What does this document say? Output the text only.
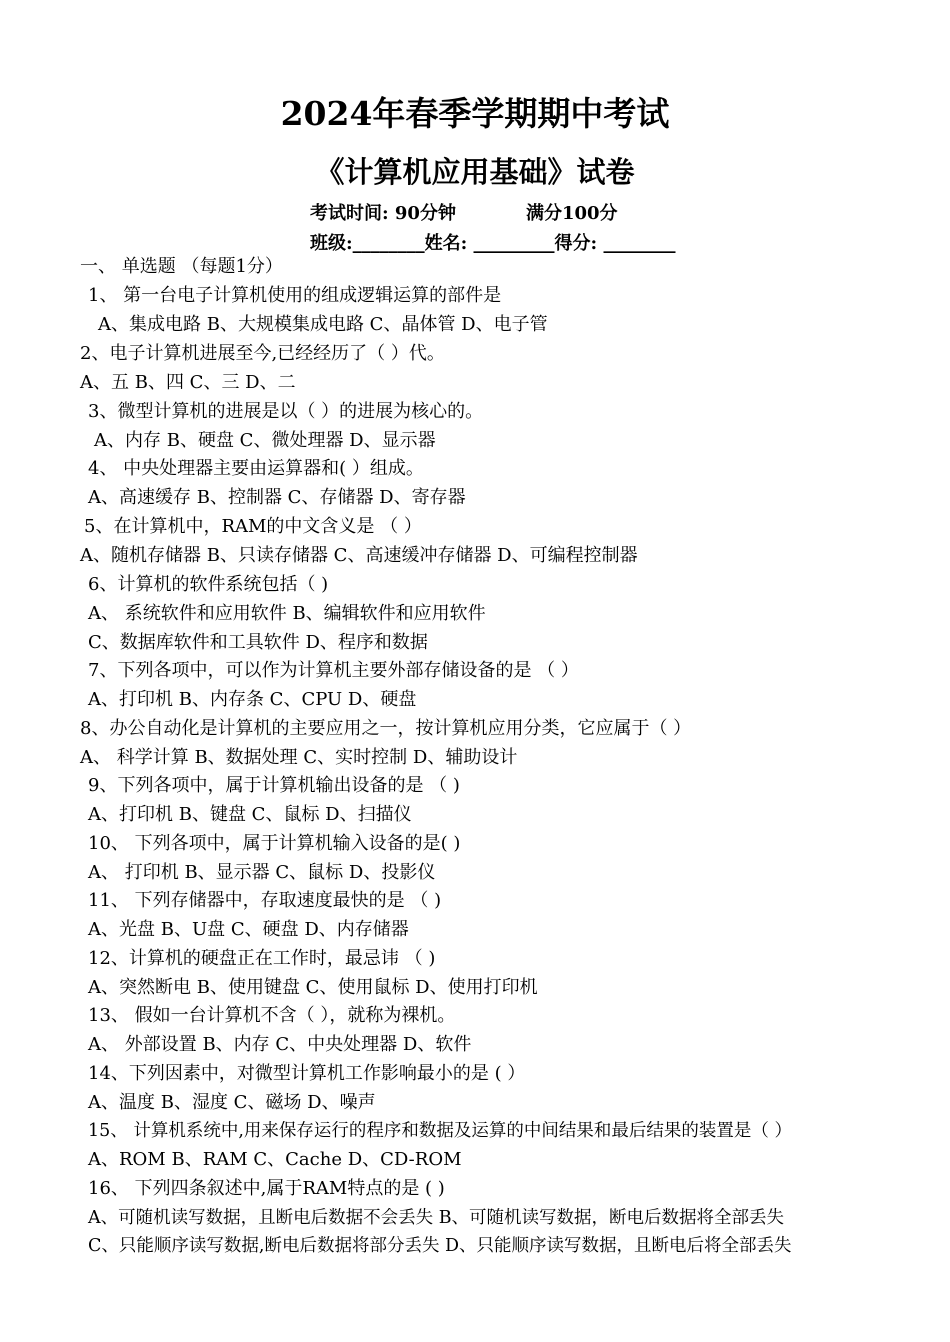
2024年春季学期期中考试
《计算机应用基础》试卷
考试时间: 90分钟	满分100分
班级:________姓名: _________得分: ________
一、 单选题 （每题1分）
1、 第一台电子计算机使用的组成逻辑运算的部件是
A、集成电路 B、大规模集成电路 C、晶体管 D、电子管
2、电子计算机进展至今,已经经历了（ ）代。
A、五 B、四 C、三 D、二
3、微型计算机的进展是以（ ）的进展为核心的。
A、内存 B、硬盘 C、微处理器 D、显示器
4、 中央处理器主要由运算器和( ）组成。
A、高速缓存 B、控制器 C、存储器 D、寄存器
5、在计算机中，RAM的中文含义是 （ ）
A、随机存储器 B、只读存储器 C、高速缓冲存储器 D、可编程控制器
6、计算机的软件系统包括（ )
A、 系统软件和应用软件 B、编辑软件和应用软件
C、数据库软件和工具软件 D、程序和数据
7、下列各项中，可以作为计算机主要外部存储设备的是 （ ）
A、打印机 B、内存条 C、CPU D、硬盘
8、办公自动化是计算机的主要应用之一，按计算机应用分类，它应属于（ ）
A、 科学计算 B、数据处理 C、实时控制 D、辅助设计
9、下列各项中，属于计算机输出设备的是 （ )
A、打印机 B、键盘 C、鼠标 D、扫描仪
10、 下列各项中，属于计算机输入设备的是( )
A、 打印机 B、显示器 C、鼠标 D、投影仪
11、 下列存储器中，存取速度最快的是 （ )
A、光盘 B、U盘 C、硬盘 D、内存储器
12、计算机的硬盘正在工作时，最忌讳 （ )
A、突然断电 B、使用键盘 C、使用鼠标 D、使用打印机
13、 假如一台计算机不含（ ），就称为裸机。
A、 外部设置 B、内存 C、中央处理器 D、软件
14、下列因素中，对微型计算机工作影响最小的是 ( ）
A、温度 B、湿度 C、磁场 D、噪声
15、 计算机系统中,用来保存运行的程序和数据及运算的中间结果和最后结果的装置是（ ）
A、ROM B、RAM C、Cache D、CD-ROM
16、 下列四条叙述中,属于RAM特点的是 ( )
A、可随机读写数据，且断电后数据不会丢失 B、可随机读写数据，断电后数据将全部丢失
C、只能顺序读写数据,断电后数据将部分丢失 D、只能顺序读写数据，且断电后将全部丢失
